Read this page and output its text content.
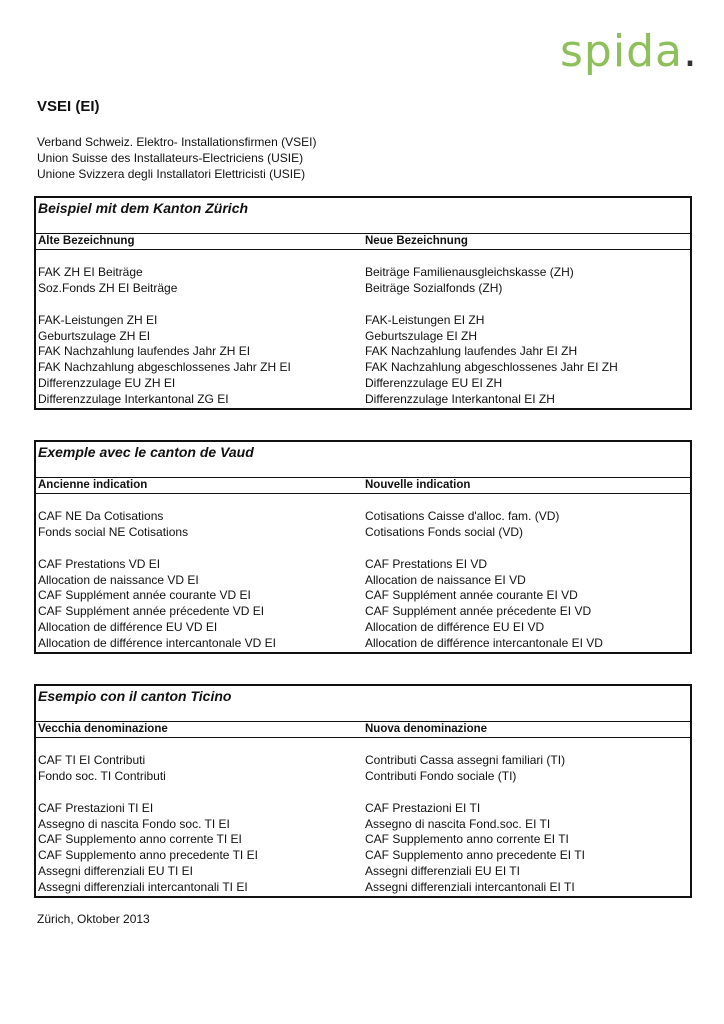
spida.
VSEI (EI)
Verband Schweiz. Elektro- Installationsfirmen (VSEI)
Union Suisse des Installateurs-Electriciens (USIE)
Unione Svizzera degli Installatori Elettricisti (USIE)
Beispiel mit dem Kanton Zürich
Alte Bezeichnung	Neue Bezeichnung
FAK ZH EI Beiträge	Beiträge Familienausgleichskasse (ZH)
Soz.Fonds ZH EI Beiträge	Beiträge Sozialfonds (ZH)
FAK-Leistungen ZH EI	FAK-Leistungen EI ZH
Geburtszulage ZH EI	Geburtszulage EI ZH
FAK Nachzahlung laufendes Jahr ZH EI	FAK Nachzahlung laufendes Jahr EI ZH
FAK Nachzahlung abgeschlossenes Jahr ZH EI	FAK Nachzahlung abgeschlossenes Jahr EI ZH
Differenzzulage EU ZH EI	Differenzzulage EU EI ZH
Differenzzulage Interkantonal ZG EI	Differenzzulage Interkantonal EI ZH
Exemple avec le canton de Vaud
Ancienne indication	Nouvelle indication
CAF NE Da Cotisations	Cotisations Caisse d'alloc. fam. (VD)
Fonds social NE Cotisations	Cotisations Fonds social (VD)
CAF Prestations VD EI	CAF Prestations EI VD
Allocation de naissance VD EI	Allocation de naissance EI VD
CAF Supplément année courante VD EI	CAF Supplément année courante EI VD
CAF Supplément année précedente VD EI	CAF Supplément année précedente EI VD
Allocation de différence EU VD EI	Allocation de différence EU EI VD
Allocation de différence intercantonale VD EI	Allocation de différence intercantonale EI VD
Esempio con il canton Ticino
Vecchia denominazione	Nuova denominazione
CAF TI EI Contributi	Contributi Cassa assegni familiari (TI)
Fondo soc. TI Contributi	Contributi Fondo sociale (TI)
CAF Prestazioni TI EI	CAF Prestazioni EI TI
Assegno di nascita Fondo soc. TI EI	Assegno di nascita Fond.soc. EI TI
CAF Supplemento anno corrente TI EI	CAF Supplemento anno corrente EI TI
CAF Supplemento anno precedente TI EI	CAF Supplemento anno precedente EI TI
Assegni differenziali EU TI EI	Assegni differenziali EU EI TI
Assegni differenziali intercantonali TI EI	Assegni differenziali intercantonali EI TI
Zürich, Oktober 2013
